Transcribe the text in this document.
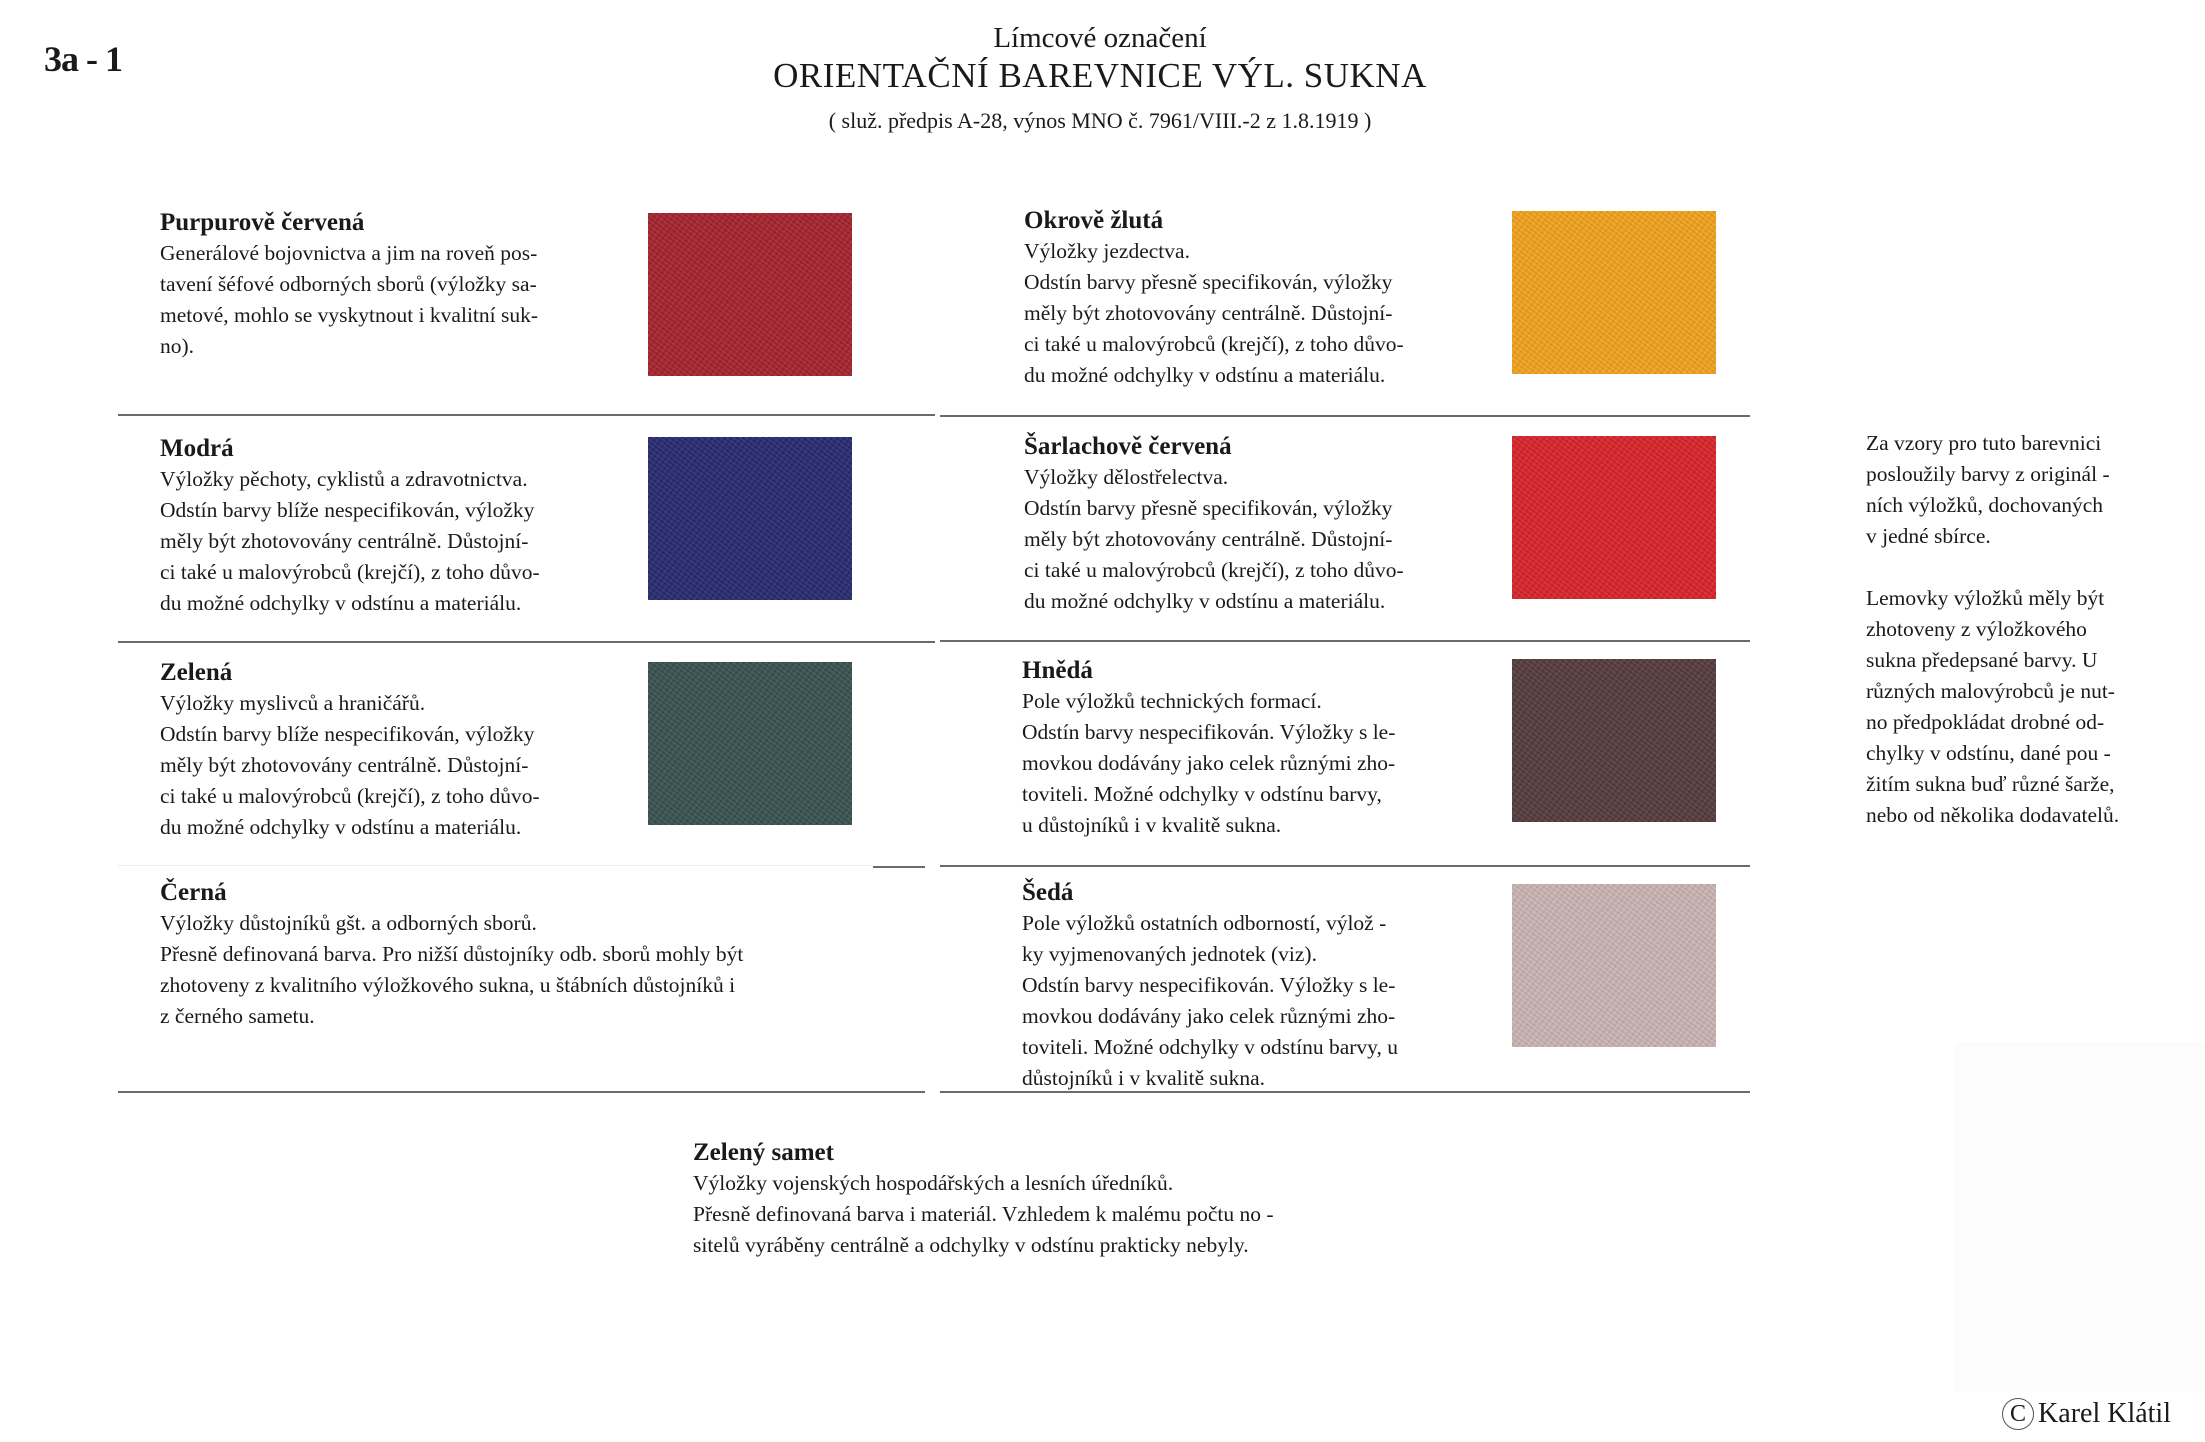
3a - 1
Límcové označení
ORIENTAČNÍ BAREVNICE VÝL. SUKNA
( služ. předpis A-28, výnos MNO č. 7961/VIII.-2 z 1.8.1919 )
Purpurově červená

Generálové bojovnictva a jim na roveň pos-
tavení šéfové odborných sborů (výložky sa-
metové, mohlo se vyskytnout i kvalitní suk-
no).

Modrá

Výložky pěchoty, cyklistů a zdravotnictva.
Odstín barvy blíže nespecifikován, výložky
měly být zhotovovány centrálně. Důstojní-
ci také u malovýrobců (krejčí), z toho důvo-
du možné odchylky v odstínu a materiálu.

Zelená

Výložky myslivců a hraničářů.
Odstín barvy blíže nespecifikován, výložky
měly být zhotovovány centrálně. Důstojní-
ci také u malovýrobců (krejčí), z toho důvo-
du možné odchylky v odstínu a materiálu.

Černá

Výložky důstojníků gšt. a odborných sborů.
Přesně definovaná barva. Pro nižší důstojníky odb. sborů mohly být
zhotoveny z kvalitního výložkového sukna, u štábních důstojníků i
z černého sametu.

Okrově žlutá

Výložky jezdectva.
Odstín barvy přesně specifikován, výložky
měly být zhotovovány centrálně. Důstojní-
ci také u malovýrobců (krejčí), z toho důvo-
du možné odchylky v odstínu a materiálu.

Šarlachově červená

Výložky dělostřelectva.
Odstín barvy přesně specifikován, výložky
měly být zhotovovány centrálně. Důstojní-
ci také u malovýrobců (krejčí), z toho důvo-
du možné odchylky v odstínu a materiálu.

Hnědá

Pole výložků technických formací.
Odstín barvy nespecifikován. Výložky s le-
movkou dodávány jako celek různými zho-
toviteli. Možné odchylky v odstínu barvy,
u důstojníků i v kvalitě sukna.

Šedá

Pole výložků ostatních odborností, výlož -
ky vyjmenovaných jednotek (viz).
Odstín barvy nespecifikován. Výložky s le-
movkou dodávány jako celek různými zho-
toviteli. Možné odchylky v odstínu barvy, u
důstojníků i v kvalitě sukna.

Zelený samet

Výložky vojenských hospodářských a lesních úředníků.
Přesně definovaná barva i materiál. Vzhledem k malému počtu no -
sitelů vyráběny centrálně a odchylky v odstínu prakticky nebyly.

Za vzory pro tuto barevnici
posloužily barvy z originál -
ních výložků, dochovaných
v jedné sbírce.

Lemovky výložků měly být
zhotoveny z výložkového
sukna předepsané barvy. U
různých malovýrobců je nut-
no předpokládat drobné od-
chylky v odstínu, dané pou -
žitím sukna buď různé šarže,
nebo od několika dodavatelů.

C Karel Klátil
